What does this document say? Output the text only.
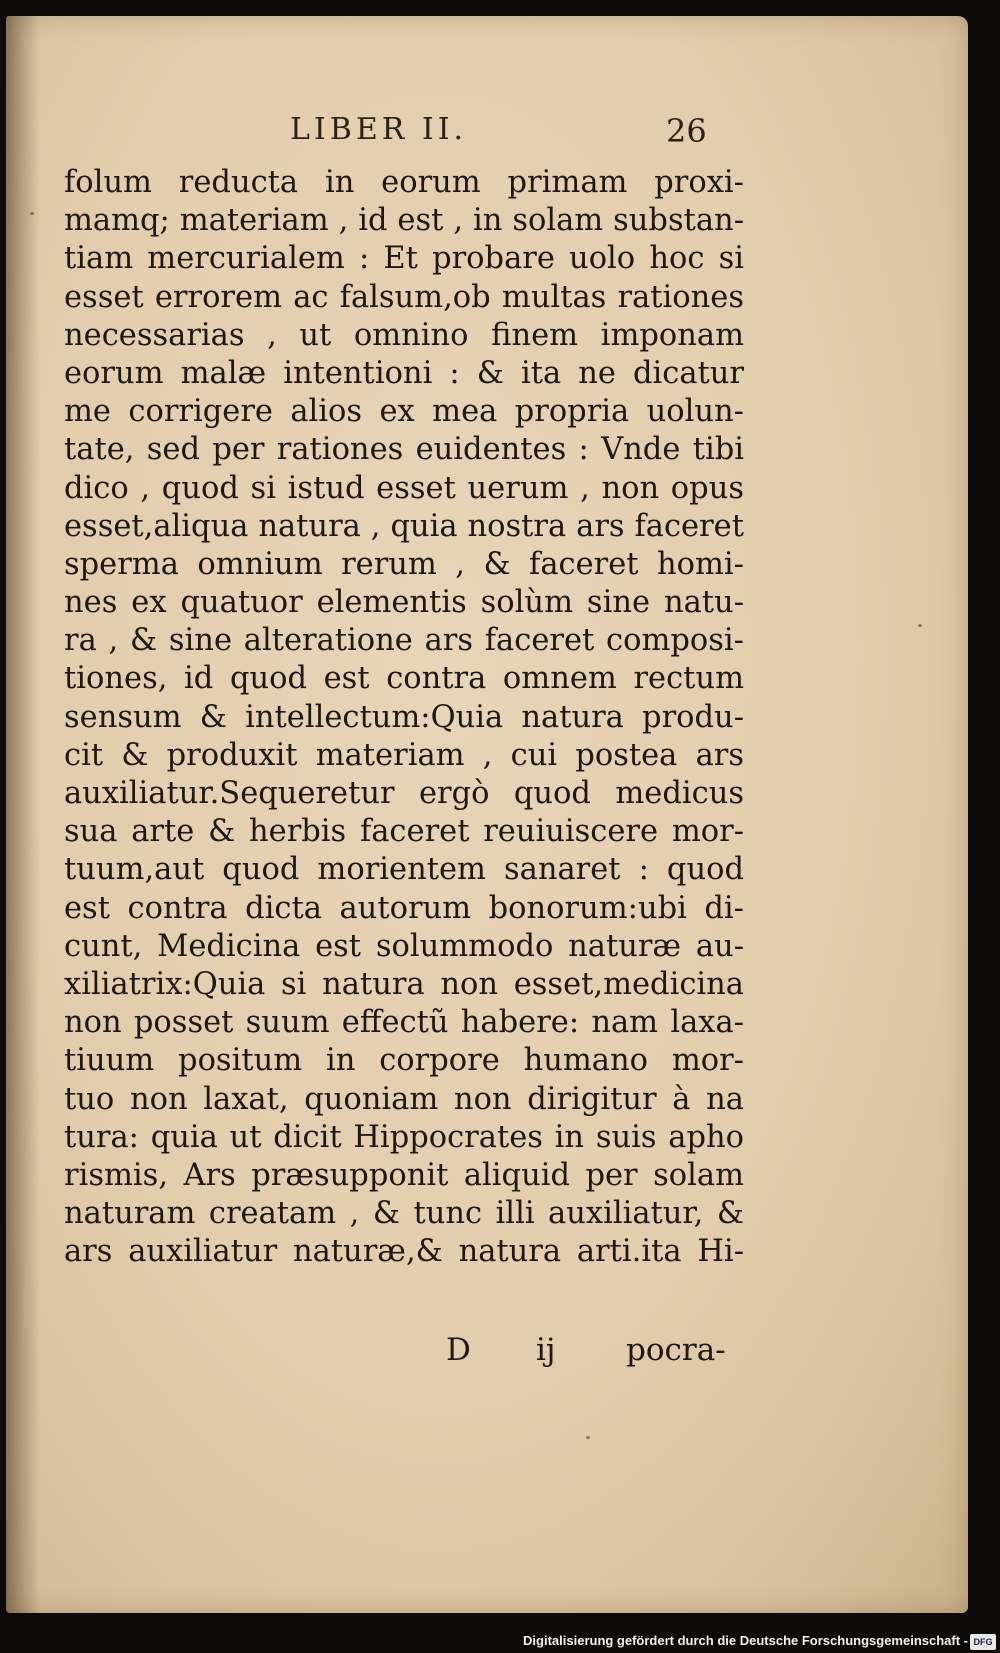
LIBER II.	26
folum reducta in eorum primam proxi-
mamq; materiam , id est , in solam substan-
tiam mercurialem : Et probare uolo hoc si
esset errorem ac falsum,ob multas rationes
necessarias , ut omnino finem imponam
eorum malæ intentioni : & ita ne dicatur
me corrigere alios ex mea propria uolun-
tate, sed per rationes euidentes : Vnde tibi
dico , quod si istud esset uerum , non opus
esset,aliqua natura , quia nostra ars faceret
sperma omnium rerum , & faceret homi-
nes ex quatuor elementis solùm sine natu-
ra , & sine alteratione ars faceret composi-
tiones, id quod est contra omnem rectum
sensum & intellectum:Quia natura produ-
cit & produxit materiam , cui postea ars
auxiliatur.Sequeretur ergò quod medicus
sua arte & herbis faceret reuiuiscere mor-
tuum,aut quod morientem sanaret : quod
est contra dicta autorum bonorum:ubi di-
cunt, Medicina est solummodo naturæ au-
xiliatrix:Quia si natura non esset,medicina
non posset suum effectũ habere: nam laxa-
tiuum positum in corpore humano mor-
tuo non laxat, quoniam non dirigitur à na
tura: quia ut dicit Hippocrates in suis apho
rismis, Ars præsupponit aliquid per solam
naturam creatam , & tunc illi auxiliatur, &
ars auxiliatur naturæ,& natura arti.ita Hi-
D ij pocra-
Digitalisierung gefördert durch die Deutsche Forschungsgemeinschaft - DFG
